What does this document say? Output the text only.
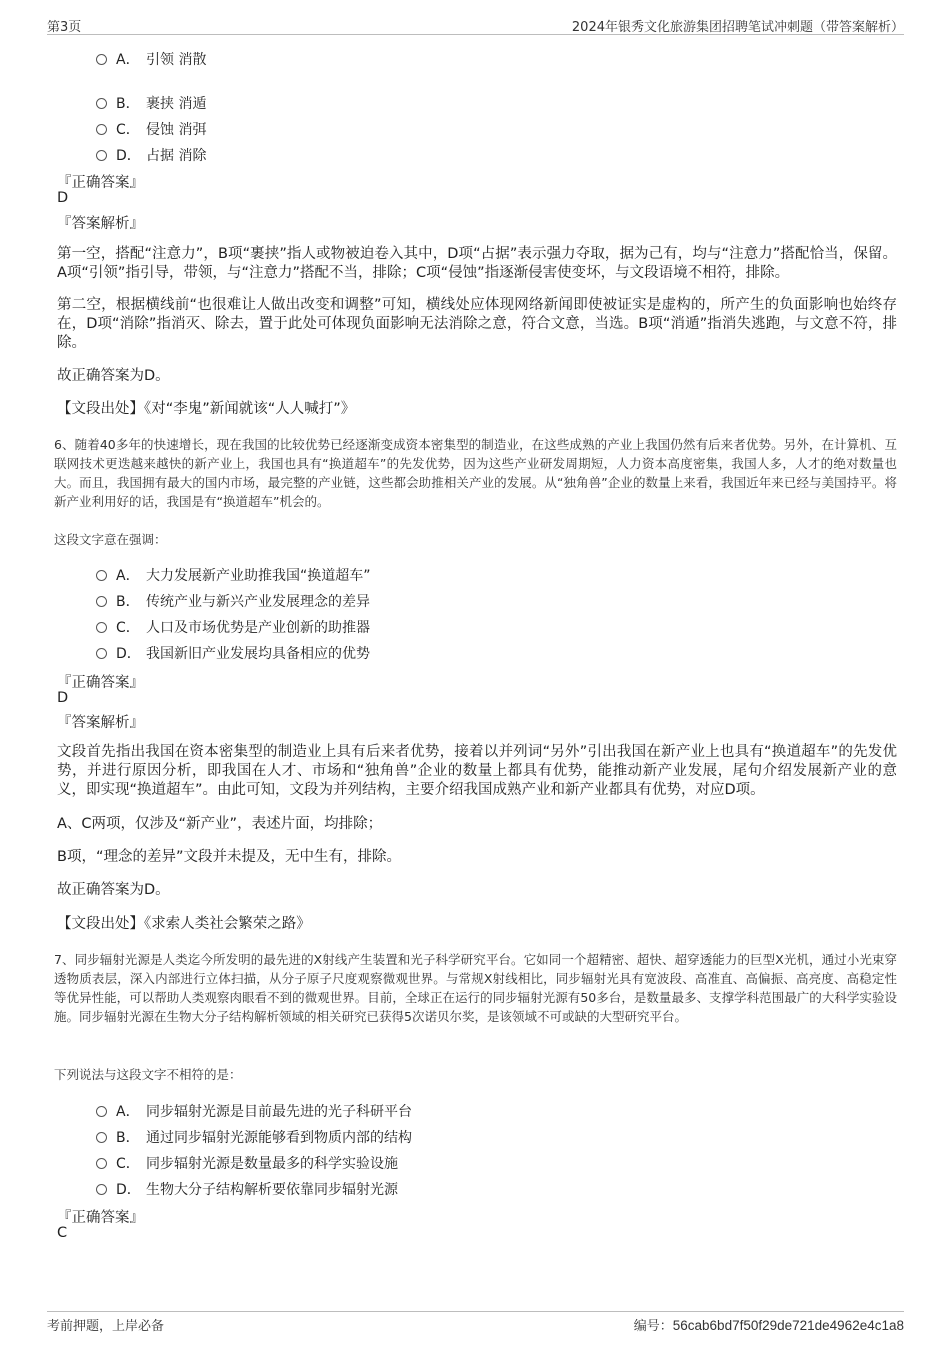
第3页	2024年银秀文化旅游集团招聘笔试冲刺题（带答案解析）
A． 引领 消散
B． 裹挟 消遁
C． 侵蚀 消弭
D． 占据 消除
『正确答案』
D
『答案解析』
第一空，搭配“注意力”，B项“裹挟”指人或物被迫卷入其中，D项“占据”表示强力夺取，据为己有，均与“注意力”搭配恰当，保留。A项“引领”指引导，带领，与“注意力”搭配不当，排除；C项“侵蚀”指逐渐侵害使变坏，与文段语境不相符，排除。
第二空，根据横线前“也很难让人做出改变和调整”可知，横线处应体现网络新闻即使被证实是虚构的，所产生的负面影响也始终存在，D项“消除”指消灭、除去，置于此处可体现负面影响无法消除之意，符合文意，当选。B项“消遁”指消失逃跑，与文意不符，排除。
故正确答案为D。
【文段出处】《对“李鬼”新闻就该“人人喊打”》
6、随着40多年的快速增长，现在我国的比较优势已经逐渐变成资本密集型的制造业，在这些成熟的产业上我国仍然有后来者优势。另外，在计算机、互联网技术更迭越来越快的新产业上，我国也具有“换道超车”的先发优势，因为这些产业研发周期短，人力资本高度密集，我国人多，人才的绝对数量也大。而且，我国拥有最大的国内市场，最完整的产业链，这些都会助推相关产业的发展。从“独角兽”企业的数量上来看，我国近年来已经与美国持平。将新产业利用好的话，我国是有“换道超车”机会的。
这段文字意在强调：
A． 大力发展新产业助推我国“换道超车”
B． 传统产业与新兴产业发展理念的差异
C． 人口及市场优势是产业创新的助推器
D． 我国新旧产业发展均具备相应的优势
『正确答案』
D
『答案解析』
文段首先指出我国在资本密集型的制造业上具有后来者优势，接着以并列词“另外”引出我国在新产业上也具有“换道超车”的先发优势，并进行原因分析，即我国在人才、市场和“独角兽”企业的数量上都具有优势，能推动新产业发展，尾句介绍发展新产业的意义，即实现“换道超车”。由此可知，文段为并列结构，主要介绍我国成熟产业和新产业都具有优势，对应D项。
A、C两项，仅涉及“新产业”，表述片面，均排除；
B项，“理念的差异”文段并未提及，无中生有，排除。
故正确答案为D。
【文段出处】《求索人类社会繁荣之路》
7、同步辐射光源是人类迄今所发明的最先进的X射线产生装置和光子科学研究平台。它如同一个超精密、超快、超穿透能力的巨型X光机，通过小光束穿透物质表层，深入内部进行立体扫描，从分子原子尺度观察微观世界。与常规X射线相比，同步辐射光具有宽波段、高准直、高偏振、高亮度、高稳定性等优异性能，可以帮助人类观察肉眼看不到的微观世界。目前，全球正在运行的同步辐射光源有50多台，是数量最多、支撑学科范围最广的大科学实验设施。同步辐射光源在生物大分子结构解析领域的相关研究已获得5次诺贝尔奖，是该领域不可或缺的大型研究平台。
下列说法与这段文字不相符的是：
A． 同步辐射光源是目前最先进的光子科研平台
B． 通过同步辐射光源能够看到物质内部的结构
C． 同步辐射光源是数量最多的科学实验设施
D． 生物大分子结构解析要依靠同步辐射光源
『正确答案』
C
考前押题，上岸必备	编号：56cab6bd7f50f29de721de4962e4c1a8
